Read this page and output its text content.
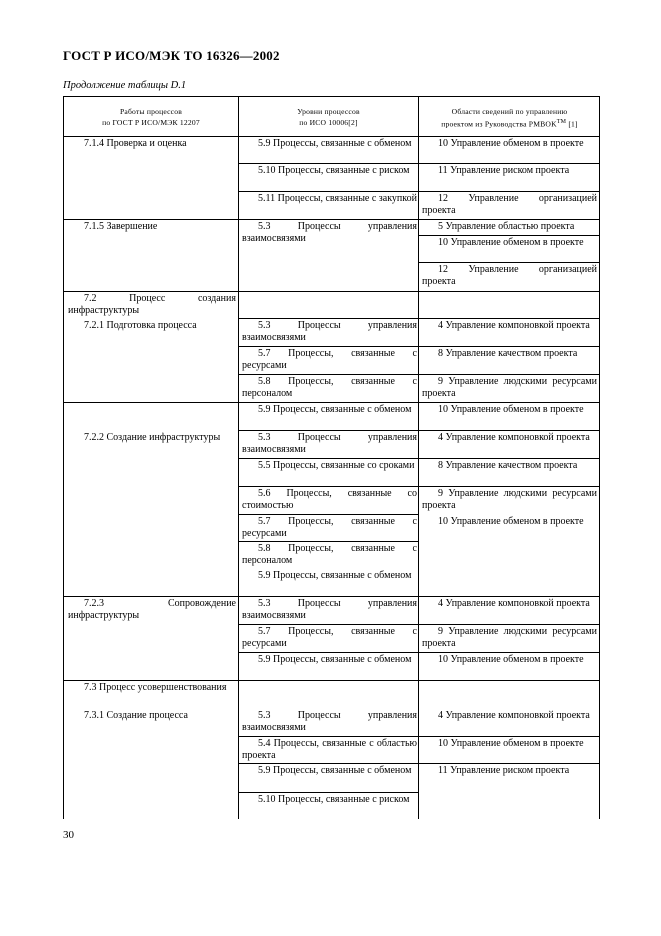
ГОСТ Р ИСО/МЭК ТО 16326—2002
Продолжение таблицы D.1
Работы процессов
по ГОСТ Р ИСО/МЭК 12207
Уровни процессов
по ИСО 10006[2]
Области сведений по управлению
проектом из Руководства PMBOK™ [1]
7.1.4 Проверка и оценка
7.1.5 Завершение
7.2 Процесс создания инфраструктуры
7.2.1 Подготовка процесса
7.2.2 Создание инфраструктуры
7.2.3 Сопровождение инфраструктуры
7.3 Процесс усовершенствования
7.3.1 Создание процесса
5.9 Процессы, связанные с обменом
5.10 Процессы, связанные с риском
5.11 Процессы, связанные с закупкой
5.3 Процессы управления взаимосвязями
5.3 Процессы управления взаимосвязями
5.7 Процессы, связанные с ресурсами
5.8 Процессы, связанные с персоналом
5.9 Процессы, связанные с обменом
5.3 Процессы управления взаимосвязями
5.5 Процессы, связанные со сроками
5.6 Процессы, связанные со стоимостью
5.7 Процессы, связанные с ресурсами
5.8 Процессы, связанные с персоналом
5.9 Процессы, связанные с обменом
5.3 Процессы управления взаимосвязями
5.7 Процессы, связанные с ресурсами
5.9 Процессы, связанные с обменом
5.3 Процессы управления взаимосвязями
5.4 Процессы, связанные с областью проекта
5.9 Процессы, связанные с обменом
5.10 Процессы, связанные с риском
10 Управление обменом в проекте
11 Управление риском проекта
12 Управление организацией проекта
5 Управление областью проекта
10 Управление обменом в проекте
12 Управление организацией проекта
4 Управление компоновкой проекта
8 Управление качеством проекта
9 Управление людскими ресурсами проекта
10 Управление обменом в проекте
4 Управление компоновкой проекта
8 Управление качеством проекта
9 Управление людскими ресурсами проекта
10 Управление обменом в проекте
4 Управление компоновкой проекта
9 Управление людскими ресурсами проекта
10 Управление обменом в проекте
4 Управление компоновкой проекта
10 Управление обменом в проекте
11 Управление риском проекта
30
